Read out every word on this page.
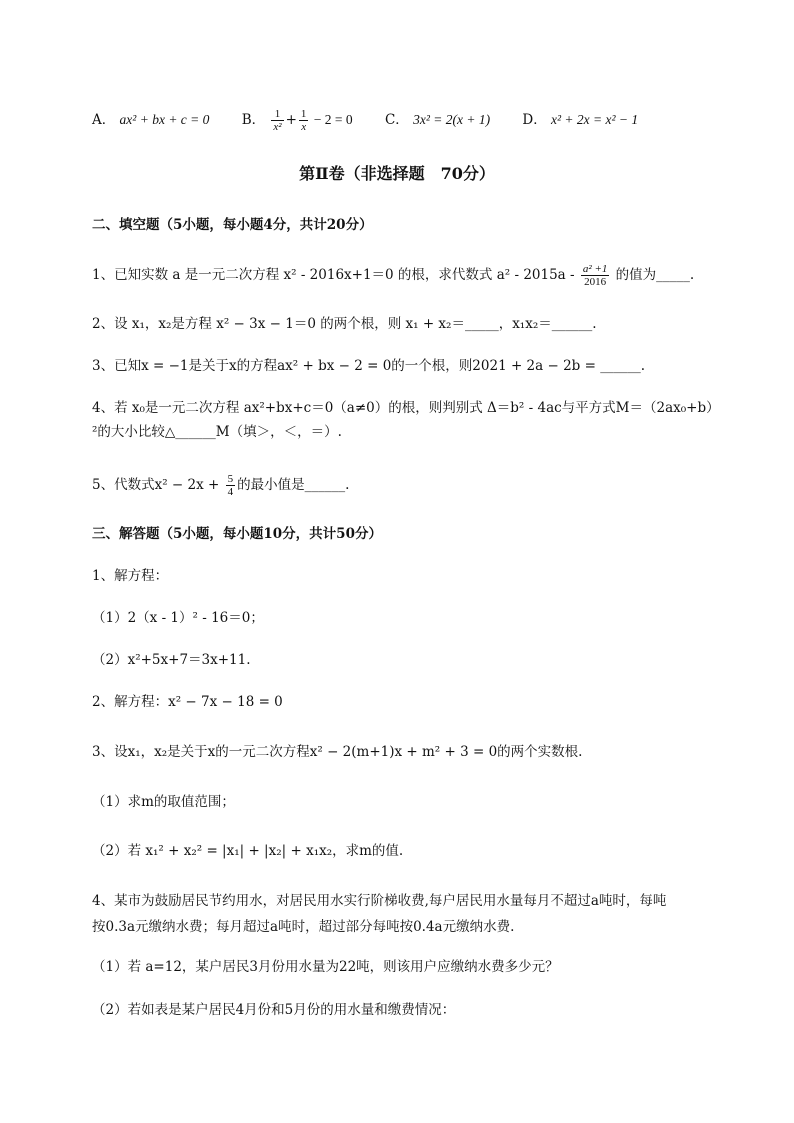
A． ax² + bx + c = 0 B． $\frac{1}{\text{x²}} + \frac{1}{x} - 2 = 0$ C． 3x² = 2(x + 1) D． x² + 2x = x² − 1
第Ⅱ卷（非选择题　70分）
二、填空题（5小题，每小题4分，共计20分）
1、已知实数 a 是一元二次方程 x² - 2016x+1＝0 的根，求代数式 $a^2 - 2015a - \frac{\text{a² +1}}{2016}$ 的值为_____.
2、设 x₁，x₂是方程 x² − 3x − 1＝0 的两个根，则 x₁ + x₂＝_____，x₁x₂＝______.
3、已知x = −1是关于x的方程ax² + bx − 2 = 0的一个根，则2021 + 2a − 2b = ______.
4、若 x₀是一元二次方程 ax²+bx+c＝0（a≠0）的根，则判别式 Δ＝b² - 4ac与平方式M＝（2ax₀+b）
²的大小比较△______M（填＞，＜，＝）.
5、代数式$x^2 - 2x + \frac{5}{4}$ 的最小值是______.
三、解答题（5小题，每小题10分，共计50分）
1、解方程：
（1）2（x - 1）² - 16＝0；
（2）x²+5x+7＝3x+11.
2、解方程：x² − 7x − 18 = 0
3、设x₁，x₂是关于x的一元二次方程x² − 2(m+1)x + m² + 3 = 0的两个实数根.
（1）求m的取值范围；
（2）若 x₁² + x₂² = |x₁| + |x₂| + x₁x₂，求m的值.
4、某市为鼓励居民节约用水，对居民用水实行阶梯收费,每户居民用水量每月不超过a吨时，每吨
按0.3a元缴纳水费；每月超过a吨时，超过部分每吨按0.4a元缴纳水费.
（1）若 a=12，某户居民3月份用水量为22吨，则该用户应缴纳水费多少元？
（2）若如表是某户居民4月份和5月份的用水量和缴费情况：
